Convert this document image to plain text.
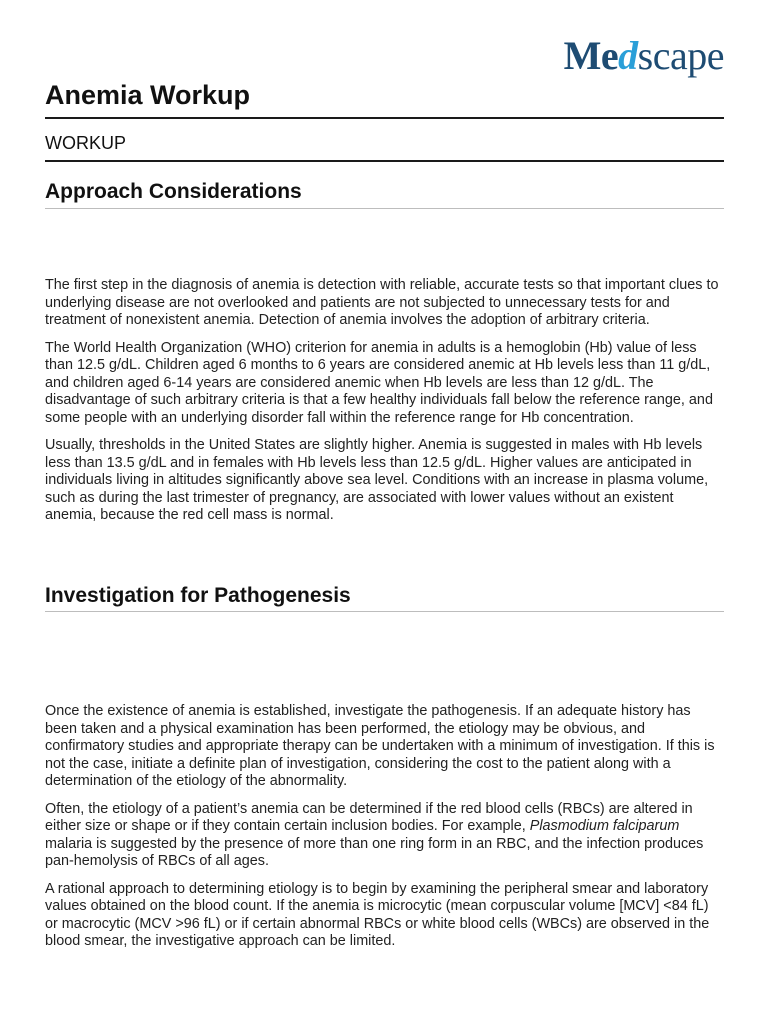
Medscape
Anemia Workup
WORKUP
Approach Considerations

The first step in the diagnosis of anemia is detection with reliable, accurate tests so that important clues to underlying disease are not overlooked and patients are not subjected to unnecessary tests for and treatment of nonexistent anemia. Detection of anemia involves the adoption of arbitrary criteria.

The World Health Organization (WHO) criterion for anemia in adults is a hemoglobin (Hb) value of less than 12.5 g/dL. Children aged 6 months to 6 years are considered anemic at Hb levels less than 11 g/dL, and children aged 6-14 years are considered anemic when Hb levels are less than 12 g/dL. The disadvantage of such arbitrary criteria is that a few healthy individuals fall below the reference range, and some people with an underlying disorder fall within the reference range for Hb concentration.

Usually, thresholds in the United States are slightly higher. Anemia is suggested in males with Hb levels less than 13.5 g/dL and in females with Hb levels less than 12.5 g/dL. Higher values are anticipated in individuals living in altitudes significantly above sea level. Conditions with an increase in plasma volume, such as during the last trimester of pregnancy, are associated with lower values without an existent anemia, because the red cell mass is normal.

Investigation for Pathogenesis

Once the existence of anemia is established, investigate the pathogenesis. If an adequate history has been taken and a physical examination has been performed, the etiology may be obvious, and confirmatory studies and appropriate therapy can be undertaken with a minimum of investigation. If this is not the case, initiate a definite plan of investigation, considering the cost to the patient along with a determination of the etiology of the abnormality.

Often, the etiology of a patient’s anemia can be determined if the red blood cells (RBCs) are altered in either size or shape or if they contain certain inclusion bodies. For example, Plasmodium falciparum malaria is suggested by the presence of more than one ring form in an RBC, and the infection produces pan-hemolysis of RBCs of all ages.

A rational approach to determining etiology is to begin by examining the peripheral smear and laboratory values obtained on the blood count. If the anemia is microcytic (mean corpuscular volume [MCV] <84 fL) or macrocytic (MCV >96 fL) or if certain abnormal RBCs or white blood cells (WBCs) are observed in the blood smear, the investigative approach can be limited.
